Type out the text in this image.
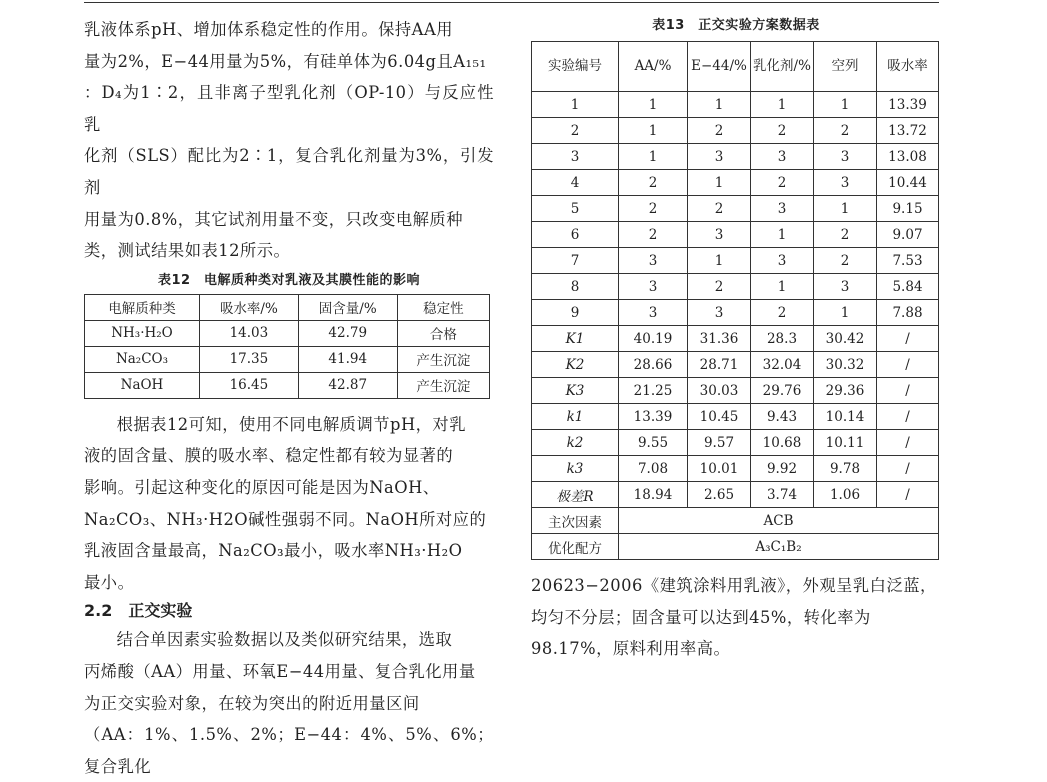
乳液体系pH、增加体系稳定性的作用。保持AA用

量为2%，E−44用量为5%，有硅单体为6.04g且A₁₅₁

：D₄为1∶2，且非离子型乳化剂（OP-10）与反应性乳

化剂（SLS）配比为2∶1，复合乳化剂量为3%，引发剂

用量为0.8%，其它试剂用量不变，只改变电解质种

类，测试结果如表12所示。

表12　电解质种类对乳液及其膜性能的影响
电解质种类	吸水率/%	固含量/%	稳定性
NH₃·H₂O	14.03	42.79	合格
Na₂CO₃	17.35	41.94	产生沉淀
NaOH	16.45	42.87	产生沉淀

根据表12可知，使用不同电解质调节pH，对乳

液的固含量、膜的吸水率、稳定性都有较为显著的

影响。引起这种变化的原因可能是因为NaOH、

Na₂CO₃、NH₃·H2O碱性强弱不同。NaOH所对应的

乳液固含量最高，Na₂CO₃最小，吸水率NH₃·H₂O

最小。

2.2　正交实验

结合单因素实验数据以及类似研究结果，选取

丙烯酸（AA）用量、环氧E−44用量、复合乳化用量

为正交实验对象，在较为突出的附近用量区间

（AA：1%、1.5%、2%；E−44：4%、5%、6%；复合乳化

表13　正交实验方案数据表
实验编号	AA/%	E−44/%	乳化剂/%	空列	吸水率
1	1	1	1	1	13.39
2	1	2	2	2	13.72
3	1	3	3	3	13.08
4	2	1	2	3	10.44
5	2	2	3	1	9.15
6	2	3	1	2	9.07
7	3	1	3	2	7.53
8	3	2	1	3	5.84
9	3	3	2	1	7.88
K1	40.19	31.36	28.3	30.42	/
K2	28.66	28.71	32.04	30.32	/
K3	21.25	30.03	29.76	29.36	/
k1	13.39	10.45	9.43	10.14	/
k2	9.55	9.57	10.68	10.11	/
k3	7.08	10.01	9.92	9.78	/
极差R	18.94	2.65	3.74	1.06	/
主次因素	ACB				
优化配方	A₃C₁B₂				

20623−2006《建筑涂料用乳液》，外观呈乳白泛蓝，

均匀不分层；固含量可以达到45%，转化率为

98.17%，原料利用率高。
